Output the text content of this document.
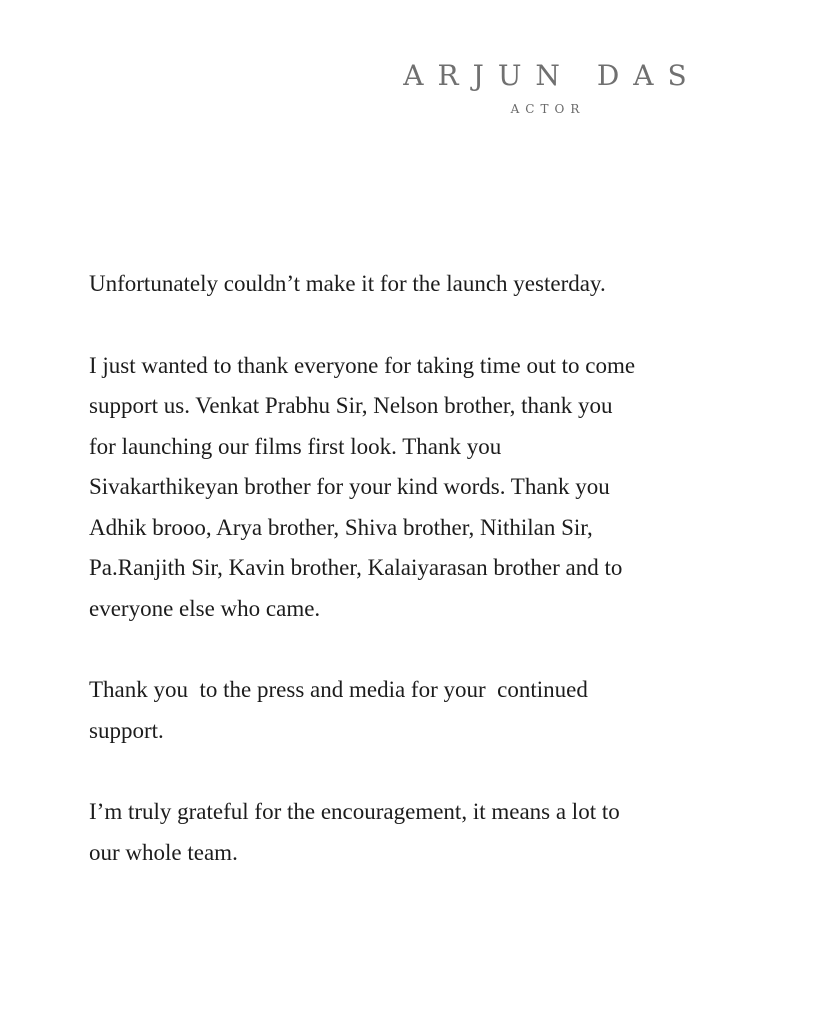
ARJUN DAS
ACTOR
Unfortunately couldn’t make it for the launch yesterday.
I just wanted to thank everyone for taking time out to come
support us. Venkat Prabhu Sir, Nelson brother, thank you
for launching our films first look. Thank you
Sivakarthikeyan brother for your kind words. Thank you
Adhik brooo, Arya brother, Shiva brother, Nithilan Sir,
Pa.Ranjith Sir, Kavin brother, Kalaiyarasan brother and to
everyone else who came.
Thank you  to the press and media for your  continued
support.
I’m truly grateful for the encouragement, it means a lot to
our whole team.
